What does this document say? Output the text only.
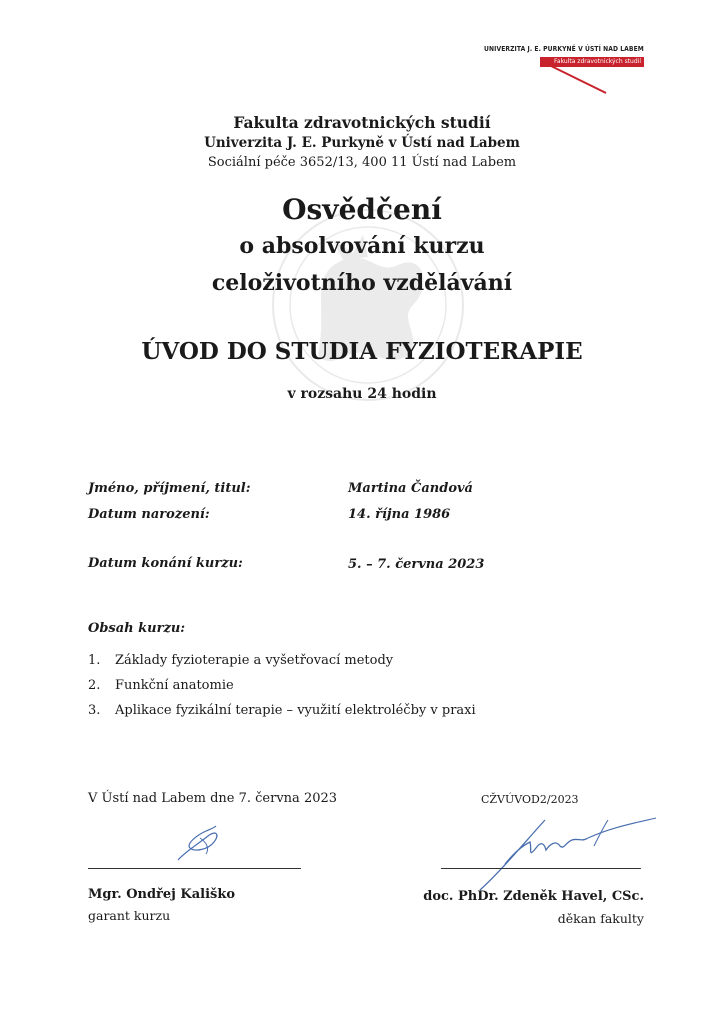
UNIVERZITA J. E. PURKYNĚ V ÚSTÍ NAD LABEM
Fakulta zdravotnických studií
Fakulta zdravotnických studií
Univerzita J. E. Purkyně v Ústí nad Labem
Sociální péče 3652/13, 400 11 Ústí nad Labem
Osvědčení
o absolvování kurzu
celoživotního vzdělávání
ÚVOD DO STUDIA FYZIOTERAPIE
v rozsahu 24 hodin
Jméno, příjmení, titul:	Martina Čandová
Datum narození:	14. října 1986
Datum konání kurzu:	5. – 7. června 2023
Obsah kurzu:
1. Základy fyzioterapie a vyšetřovací metody
2. Funkční anatomie
3. Aplikace fyzikální terapie – využití elektroléčby v praxi
V Ústí nad Labem dne 7. června 2023	CŽVÚVOD2/2023
Mgr. Ondřej Kališko
garant kurzu
doc. PhDr. Zdeněk Havel, CSc.
děkan fakulty
